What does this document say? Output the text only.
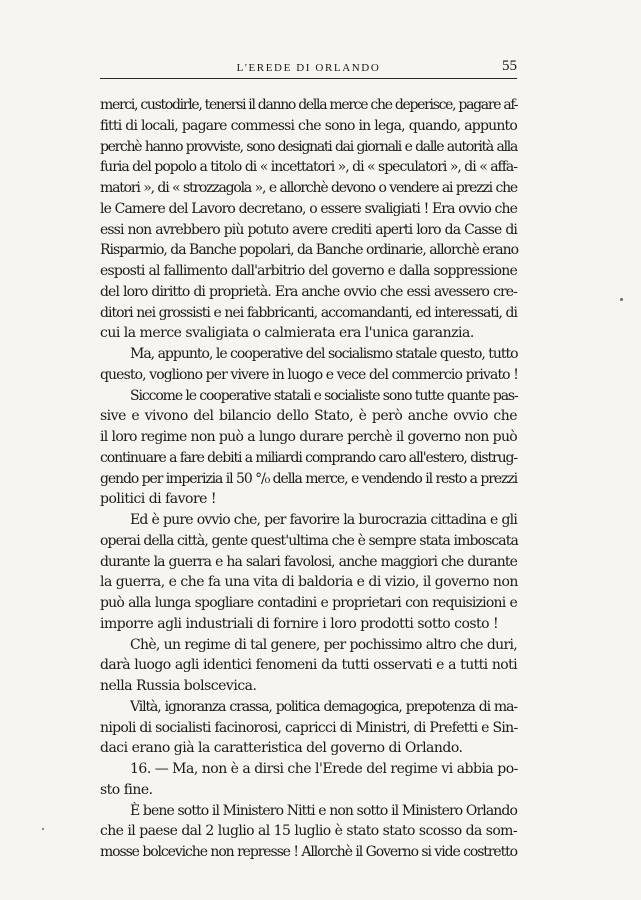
L'EREDE DI ORLANDO	55
merci, custodirle, tenersi il danno della merce che deperisce, pagare af-
fitti di locali, pagare commessi che sono in lega, quando, appunto
perchè hanno provviste, sono designati dai giornali e dalle autorità alla
furia del popolo a titolo di « incettatori », di « speculatori », di « affa-
matori », di « strozzagola », e allorchè devono o vendere ai prezzi che
le Camere del Lavoro decretano, o essere svaligiati ! Era ovvio che
essi non avrebbero più potuto avere crediti aperti loro da Casse di
Risparmio, da Banche popolari, da Banche ordinarie, allorchè erano
esposti al fallimento dall'arbitrio del governo e dalla soppressione
del loro diritto di proprietà. Era anche ovvio che essi avessero cre-
ditori nei grossisti e nei fabbricanti, accomandanti, ed interessati, di
cui la merce svaligiata o calmierata era l'unica garanzia.
Ma, appunto, le cooperative del socialismo statale questo, tutto
questo, vogliono per vivere in luogo e vece del commercio privato !
Siccome le cooperative statali e socialiste sono tutte quante pas-
sive e vivono del bilancio dello Stato, è però anche ovvio che
il loro regime non può a lungo durare perchè il governo non può
continuare a fare debiti a miliardi comprando caro all'estero, distrug-
gendo per imperizia il 50 °/₀ della merce, e vendendo il resto a prezzi
politici di favore !
Ed è pure ovvio che, per favorire la burocrazia cittadina e gli
operai della città, gente quest'ultima che è sempre stata imboscata
durante la guerra e ha salari favolosi, anche maggiori che durante
la guerra, e che fa una vita di baldoria e di vizio, il governo non
può alla lunga spogliare contadini e proprietari con requisizioni e
imporre agli industriali di fornire i loro prodotti sotto costo !
Chè, un regime di tal genere, per pochissimo altro che duri,
darà luogo agli identici fenomeni da tutti osservati e a tutti noti
nella Russia bolscevica.
Viltà, ignoranza crassa, politica demagogica, prepotenza di ma-
nipoli di socialisti facinorosi, capricci di Ministri, di Prefetti e Sin-
daci erano già la caratteristica del governo di Orlando.
16. — Ma, non è a dirsi che l'Erede del regime vi abbia po-
sto fine.
È bene sotto il Ministero Nitti e non sotto il Ministero Orlando
che il paese dal 2 luglio al 15 luglio è stato stato scosso da som-
mosse bolceviche non represse ! Allorchè il Governo si vide costretto
